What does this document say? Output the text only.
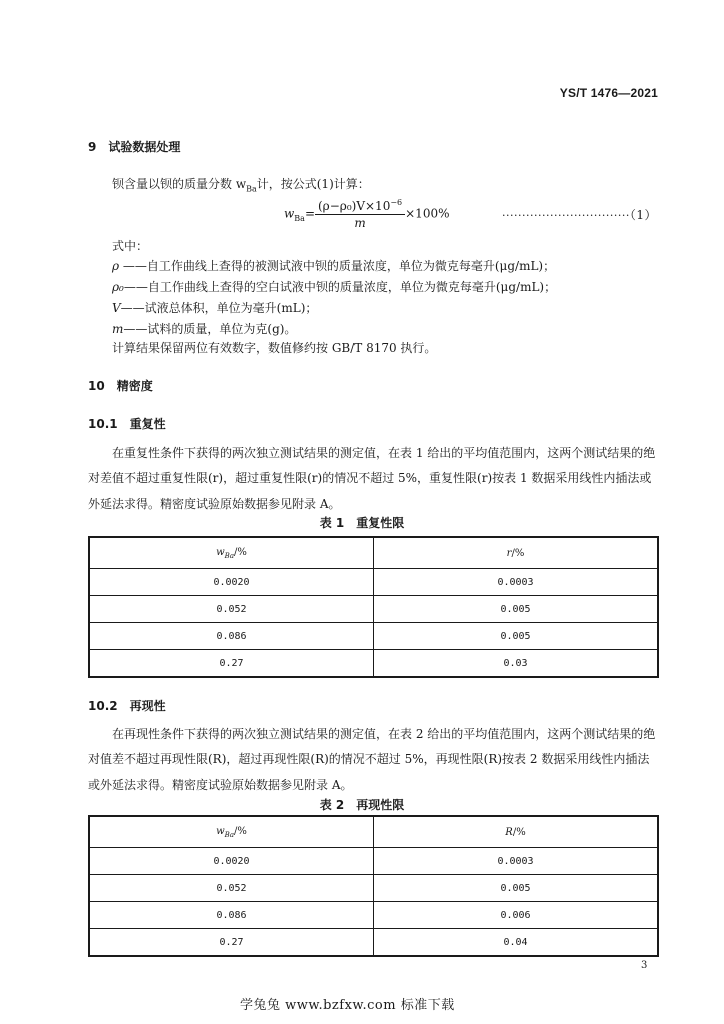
YS/T 1476—2021
9 试验数据处理
钡含量以钡的质量分数 $w_{Ba}$计，按公式(1)计算：
$w_{Ba}= \frac{(\rho-\rho_0)V\times 10^{-6}}{m} \times 100\%$	································（1）
式中：
ρ ——自工作曲线上查得的被测试液中钡的质量浓度，单位为微克每毫升(μg/mL)；
ρ₀——自工作曲线上查得的空白试液中钡的质量浓度，单位为微克每毫升(μg/mL)；
V——试液总体积，单位为毫升(mL)；
m——试料的质量，单位为克(g)。
计算结果保留两位有效数字，数值修约按 GB/T 8170 执行。
10 精密度
10.1 重复性
在重复性条件下获得的两次独立测试结果的测定值，在表 1 给出的平均值范围内，这两个测试结果的绝对差值不超过重复性限(r)，超过重复性限(r)的情况不超过 5%，重复性限(r)按表 1 数据采用线性内插法或外延法求得。精密度试验原始数据参见附录 A。
表 1　重复性限
$w_{Ba}/\%$	r/%
0.0020	0.0003
0.052	0.005
0.086	0.005
0.27	0.03
10.2 再现性
在再现性条件下获得的两次独立测试结果的测定值，在表 2 给出的平均值范围内，这两个测试结果的绝对值差不超过再现性限(R)，超过再现性限(R)的情况不超过 5%，再现性限(R)按表 2 数据采用线性内插法或外延法求得。精密度试验原始数据参见附录 A。
表 2　再现性限
$w_{Ba}/\%$	R/%
0.0020	0.0003
0.052	0.005
0.086	0.006
0.27	0.04
3
学兔兔 www.bzfxw.com 标准下载
